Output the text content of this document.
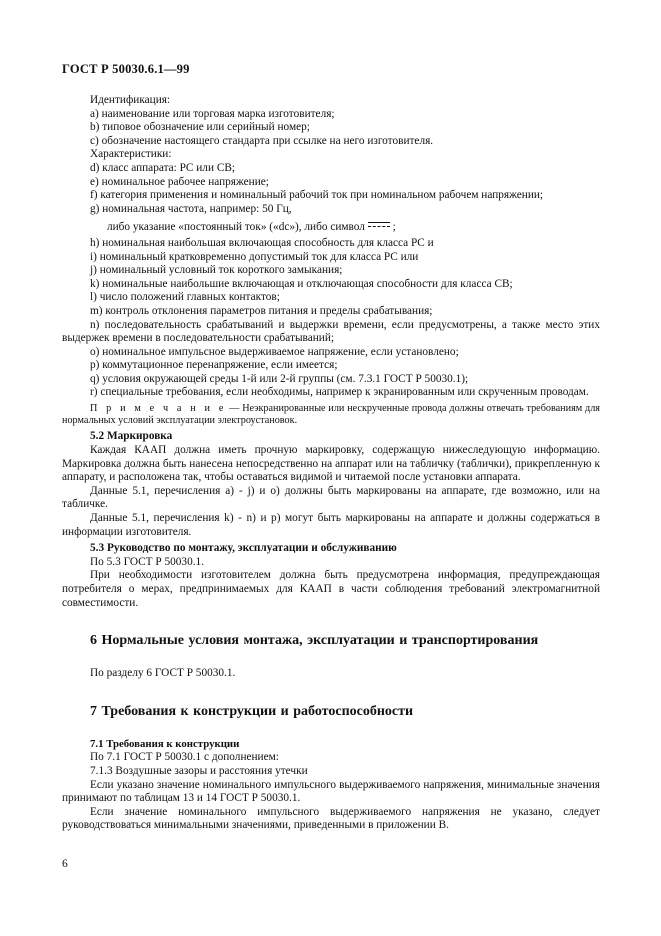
ГОСТ Р 50030.6.1—99

Идентификация:

a) наименование или торговая марка изготовителя;

b) типовое обозначение или серийный номер;

c) обозначение настоящего стандарта при ссылке на него изготовителя.

Характеристики:

d) класс аппарата: PC или CB;

e) номинальное рабочее напряжение;

f) категория применения и номинальный рабочий ток при номинальном рабочем напряжении;

g) номинальная частота, например: 50 Гц,

либо указание «постоянный ток» («dc»), либо символ ;

h) номинальная наибольшая включающая способность для класса PC и

i) номинальный кратковременно допустимый ток для класса PC или

j) номинальный условный ток короткого замыкания;

k) номинальные наибольшие включающая и отключающая способности для класса CB;

l) число положений главных контактов;

m) контроль отклонения параметров питания и пределы срабатывания;

n) последовательность срабатываний и выдержки времени, если предусмотрены, а также место этих выдержек времени в последовательности срабатываний;

o) номинальное импульсное выдерживаемое напряжение, если установлено;

p) коммутационное перенапряжение, если имеется;

q) условия окружающей среды 1-й или 2-й группы (см. 7.3.1 ГОСТ Р 50030.1);

r) специальные требования, если необходимы, например к экранированным или скрученным проводам.

П р и м е ч а н и е — Неэкранированные или нескрученные провода должны отвечать требованиям для нормальных условий эксплуатации электроустановок.

5.2 Маркировка

Каждая КААП должна иметь прочную маркировку, содержащую нижеследующую информацию. Маркировка должна быть нанесена непосредственно на аппарат или на табличку (таблички), прикрепленную к аппарату, и расположена так, чтобы оставаться видимой и читаемой после установки аппарата.

Данные 5.1, перечисления а) - j) и o) должны быть маркированы на аппарате, где возможно, или на табличке.

Данные 5.1, перечисления k) - n) и p) могут быть маркированы на аппарате и должны содержаться в информации изготовителя.

5.3 Руководство по монтажу, эксплуатации и обслуживанию

По 5.3 ГОСТ Р 50030.1.

При необходимости изготовителем должна быть предусмотрена информация, предупреждающая потребителя о мерах, предпринимаемых для КААП в части соблюдения требований электромагнитной совместимости.

6 Нормальные условия монтажа, эксплуатации и транспортирования

По разделу 6 ГОСТ Р 50030.1.

7 Требования к конструкции и работоспособности

7.1 Требования к конструкции

По 7.1 ГОСТ Р 50030.1 с дополнением:

7.1.3 Воздушные зазоры и расстояния утечки

Если указано значение номинального импульсного выдерживаемого напряжения, минимальные значения принимают по таблицам 13 и 14 ГОСТ Р 50030.1.

Если значение номинального импульсного выдерживаемого напряжения не указано, следует руководствоваться минимальными значениями, приведенными в приложении В.

6
